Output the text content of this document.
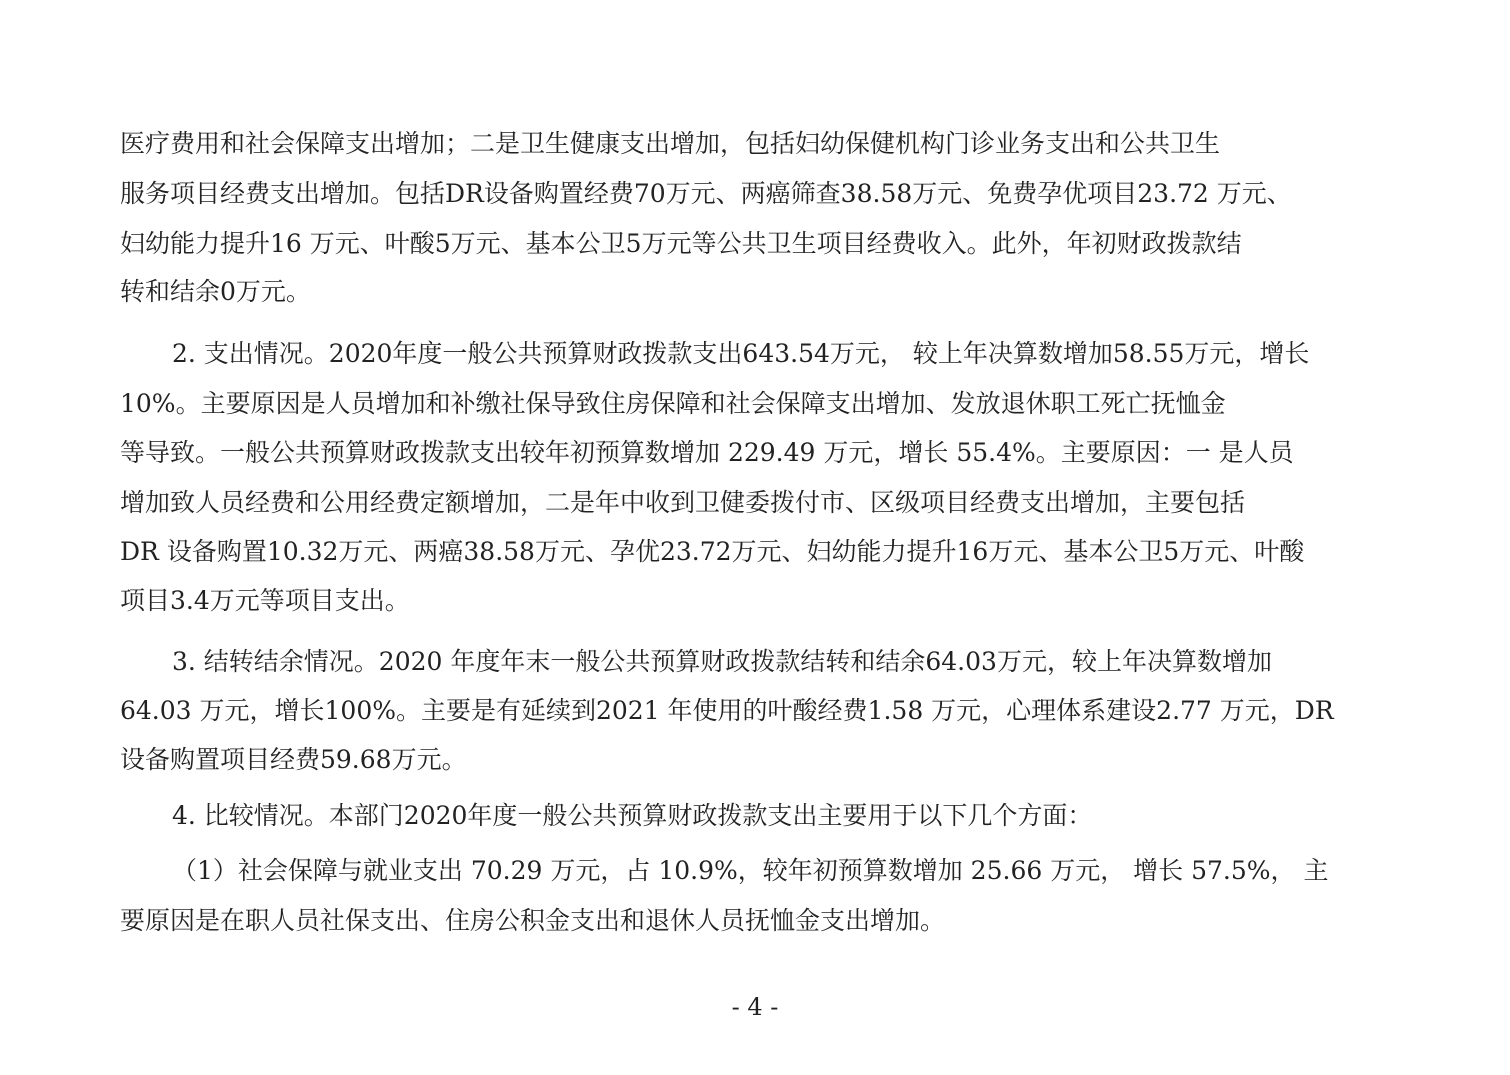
医疗费用和社会保障支出增加；二是卫生健康支出增加，包括妇幼保健机构门诊业务支出和公共卫生
服务项目经费支出增加。包括DR设备购置经费70万元、两癌筛查38.58万元、免费孕优项目23.72 万元、
妇幼能力提升16 万元、叶酸5万元、基本公卫5万元等公共卫生项目经费收入。此外，年初财政拨款结
转和结余0万元。
2. 支出情况。2020年度一般公共预算财政拨款支出643.54万元， 较上年决算数增加58.55万元，增长
10%。主要原因是人员增加和补缴社保导致住房保障和社会保障支出增加、发放退休职工死亡抚恤金
等导致。一般公共预算财政拨款支出较年初预算数增加 229.49 万元，增长 55.4%。主要原因：一 是人员
增加致人员经费和公用经费定额增加，二是年中收到卫健委拨付市、区级项目经费支出增加，主要包括
DR 设备购置10.32万元、两癌38.58万元、孕优23.72万元、妇幼能力提升16万元、基本公卫5万元、叶酸
项目3.4万元等项目支出。
3. 结转结余情况。2020 年度年末一般公共预算财政拨款结转和结余64.03万元，较上年决算数增加
64.03 万元，增长100%。主要是有延续到2021 年使用的叶酸经费1.58 万元，心理体系建设2.77 万元，DR
设备购置项目经费59.68万元。
4. 比较情况。本部门2020年度一般公共预算财政拨款支出主要用于以下几个方面：
（1）社会保障与就业支出 70.29 万元，占 10.9%，较年初预算数增加 25.66 万元， 增长 57.5%， 主
要原因是在职人员社保支出、住房公积金支出和退休人员抚恤金支出增加。
- 4 -
